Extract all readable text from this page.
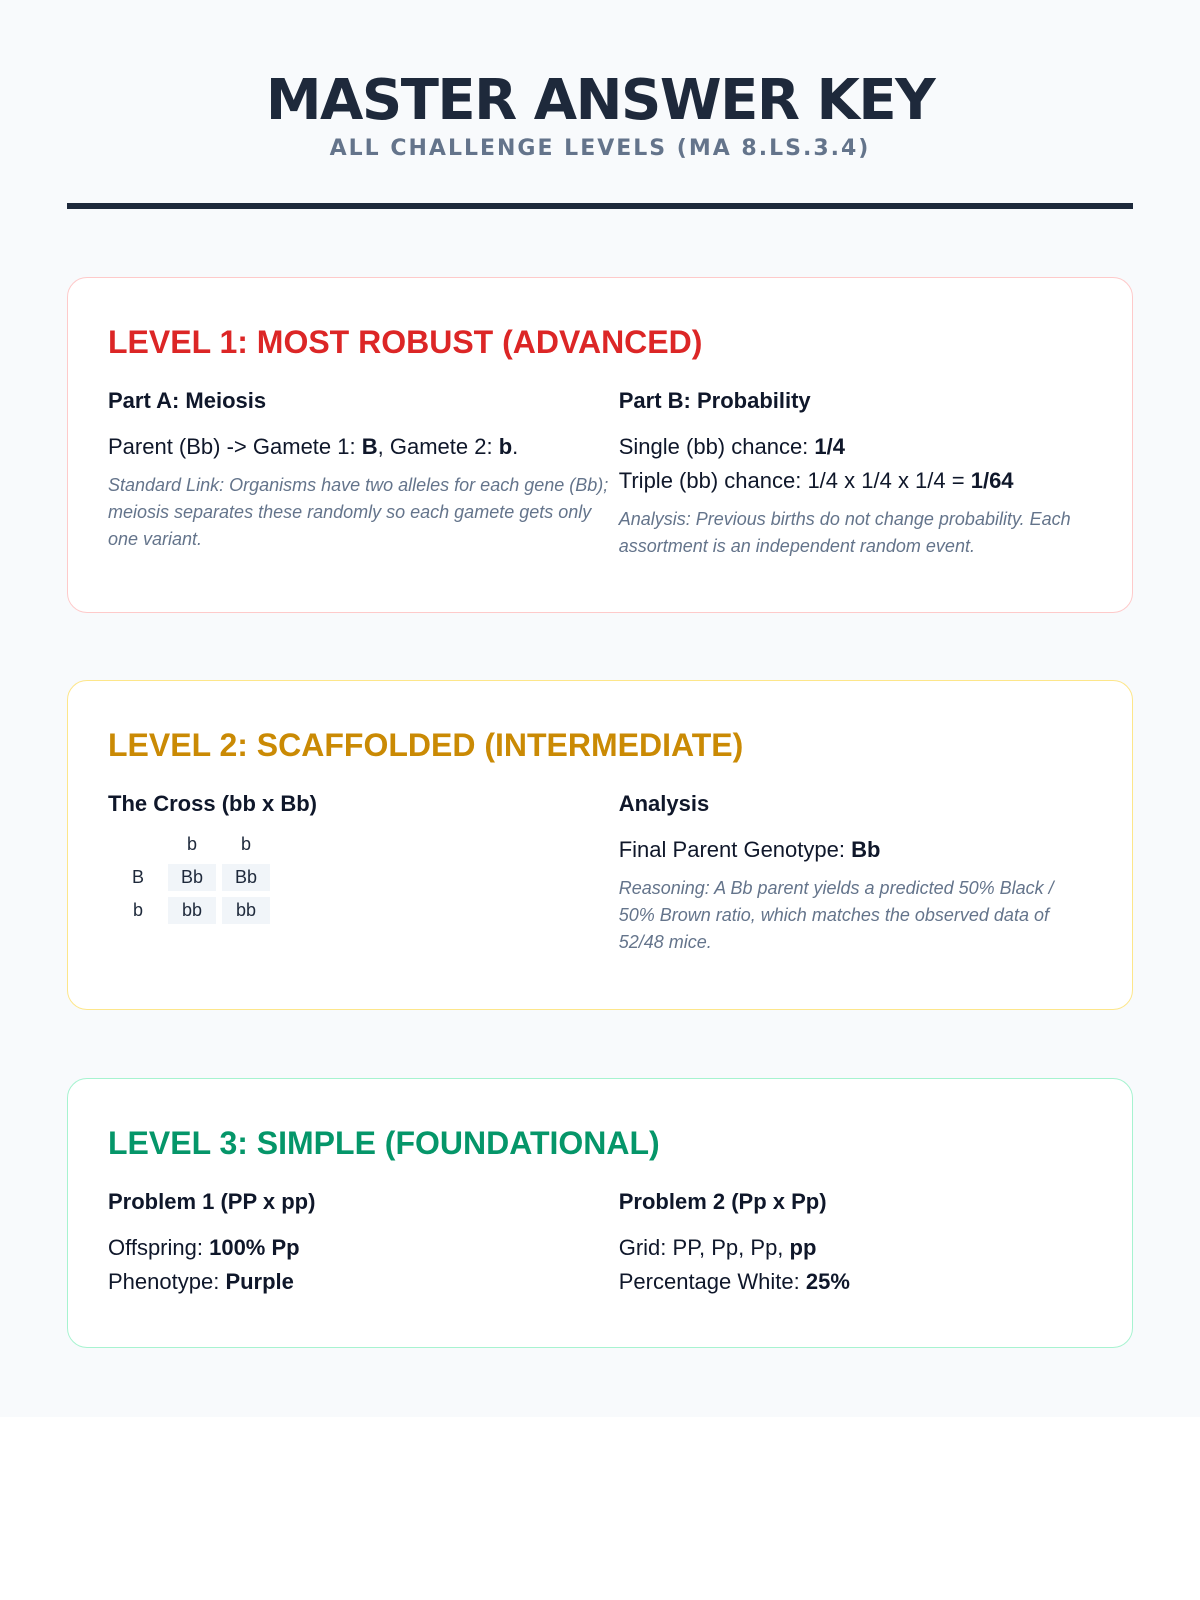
MASTER ANSWER KEY
ALL CHALLENGE LEVELS (MA 8.LS.3.4)
LEVEL 1: MOST ROBUST (ADVANCED)
Part A: Meiosis
Parent (Bb) -> Gamete 1: B, Gamete 2: b.
Standard Link: Organisms have two alleles for each gene (Bb); meiosis separates these randomly so each gamete gets only one variant.
Part B: Probability
Single (bb) chance: 1/4
Triple (bb) chance: 1/4 x 1/4 x 1/4 = 1/64
Analysis: Previous births do not change probability. Each assortment is an independent random event.
LEVEL 2: SCAFFOLDED (INTERMEDIATE)
The Cross (bb x Bb)
	b	b
B	Bb	Bb
b	bb	bb
Analysis
Final Parent Genotype: Bb
Reasoning: A Bb parent yields a predicted 50% Black / 50% Brown ratio, which matches the observed data of 52/48 mice.
LEVEL 3: SIMPLE (FOUNDATIONAL)
Problem 1 (PP x pp)
Offspring: 100% Pp
Phenotype: Purple
Problem 2 (Pp x Pp)
Grid: PP, Pp, Pp, pp
Percentage White: 25%
